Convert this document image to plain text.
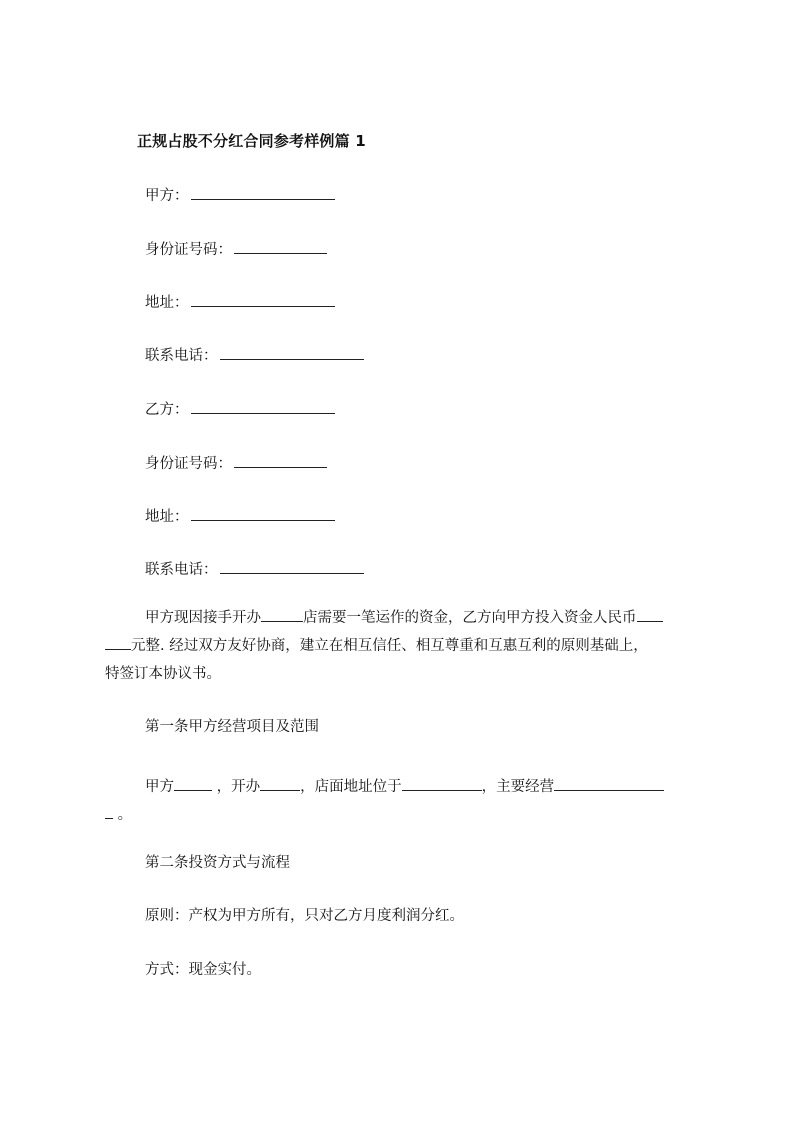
正规占股不分红合同参考样例篇 1
甲方：
身份证号码：
地址：
联系电话：
乙方：
身份证号码：
地址：
联系电话：
甲方现因接手开办	店需要一笔运作的资金，乙方向甲方投入资金人民币
元整. 经过双方友好协商，建立在相互信任、相互尊重和互惠互利的原则基础上，
特签订本协议书。
第一条甲方经营项目及范围
甲方	，开办	，店面地址位于	，主要经营
。
第二条投资方式与流程
原则：产权为甲方所有，只对乙方月度利润分红。
方式：现金实付。
